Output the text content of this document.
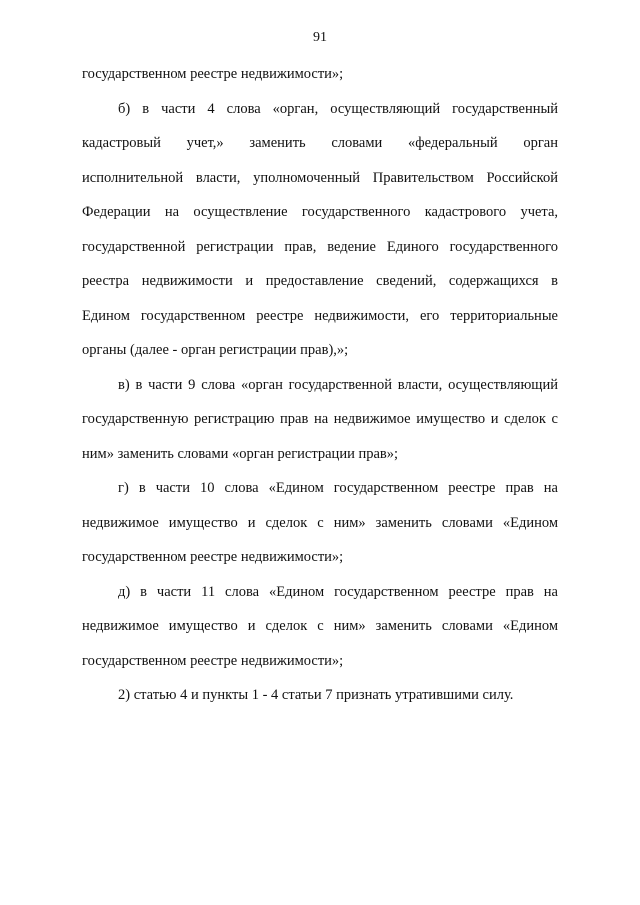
91
государственном реестре недвижимости»;
б) в части 4 слова «орган, осуществляющий государственный
кадастровый учет,» заменить словами «федеральный орган
исполнительной власти, уполномоченный Правительством Российской
Федерации на осуществление государственного кадастрового учета,
государственной регистрации прав, ведение Единого государственного
реестра недвижимости и предоставление сведений, содержащихся в
Едином государственном реестре недвижимости, его территориальные
органы (далее - орган регистрации прав),»;
в) в части 9 слова «орган государственной власти, осуществляющий
государственную регистрацию прав на недвижимое имущество и сделок с
ним» заменить словами «орган регистрации прав»;
г) в части 10 слова «Едином государственном реестре прав на
недвижимое имущество и сделок с ним» заменить словами «Едином
государственном реестре недвижимости»;
д) в части 11 слова «Едином государственном реестре прав на
недвижимое имущество и сделок с ним» заменить словами «Едином
государственном реестре недвижимости»;
2) статью 4 и пункты 1 - 4 статьи 7 признать утратившими силу.
